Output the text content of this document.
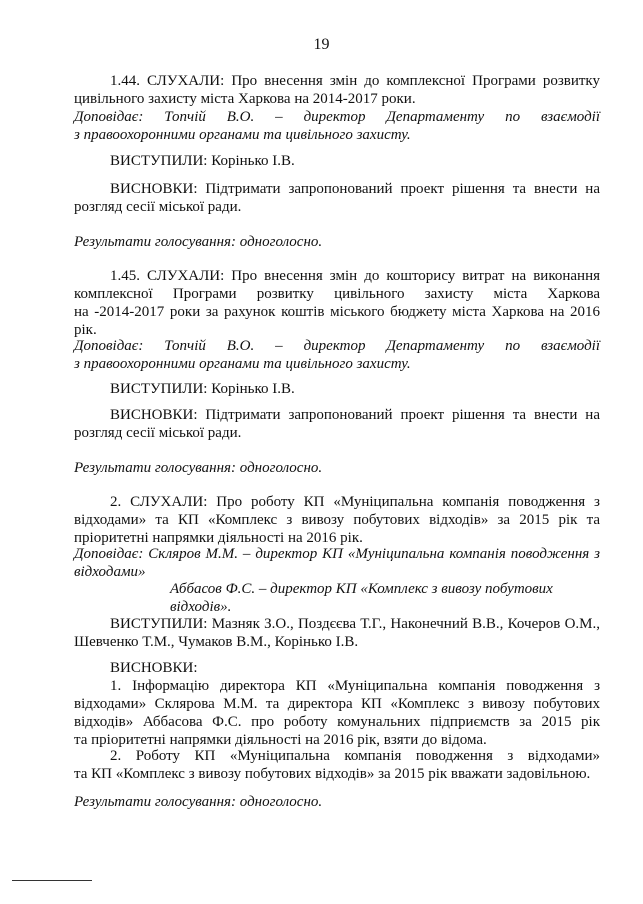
19
1.44. СЛУХАЛИ: Про внесення змін до комплексної Програми розвитку
цивільного захисту міста Харкова на 2014-2017 роки.
Доповідає: Топчій В.О. – директор Департаменту по взаємодії
з правоохоронними органами та цивільного захисту.
ВИСТУПИЛИ: Корінько І.В.
ВИСНОВКИ: Підтримати запропонований проект рішення та внести на
розгляд сесії міської ради.
Результати голосування: одноголосно.
1.45. СЛУХАЛИ: Про внесення змін до кошторису витрат на виконання
комплексної Програми розвитку цивільного захисту міста Харкова
на -2014-2017 роки за рахунок коштів міського бюджету міста Харкова на 2016
рік.
Доповідає: Топчій В.О. – директор Департаменту по взаємодії
з правоохоронними органами та цивільного захисту.
ВИСТУПИЛИ: Корінько І.В.
ВИСНОВКИ: Підтримати запропонований проект рішення та внести на
розгляд сесії міської ради.
Результати голосування: одноголосно.
2. СЛУХАЛИ: Про роботу КП «Муніципальна компанія поводження з
відходами» та КП «Комплекс з вивозу побутових відходів» за 2015 рік та
пріоритетні напрямки діяльності на 2016 рік.
Доповідає: Скляров М.М. – директор КП «Муніципальна компанія поводження з
відходами»
Аббасов Ф.С. – директор КП «Комплекс з вивозу побутових відходів».
ВИСТУПИЛИ: Мазняк З.О., Поздєєва Т.Г., Наконечний В.В., Кочеров О.М.,
Шевченко Т.М., Чумаков В.М., Корінько І.В.
ВИСНОВКИ:
1. Інформацію директора КП «Муніципальна компанія поводження з
відходами» Склярова М.М. та директора КП «Комплекс з вивозу побутових
відходів» Аббасова Ф.С. про роботу комунальних підприємств за 2015 рік
та пріоритетні напрямки діяльності на 2016 рік, взяти до відома.
2. Роботу КП «Муніципальна компанія поводження з відходами»
та КП «Комплекс з вивозу побутових відходів» за 2015 рік вважати задовільною.
Результати голосування: одноголосно.
